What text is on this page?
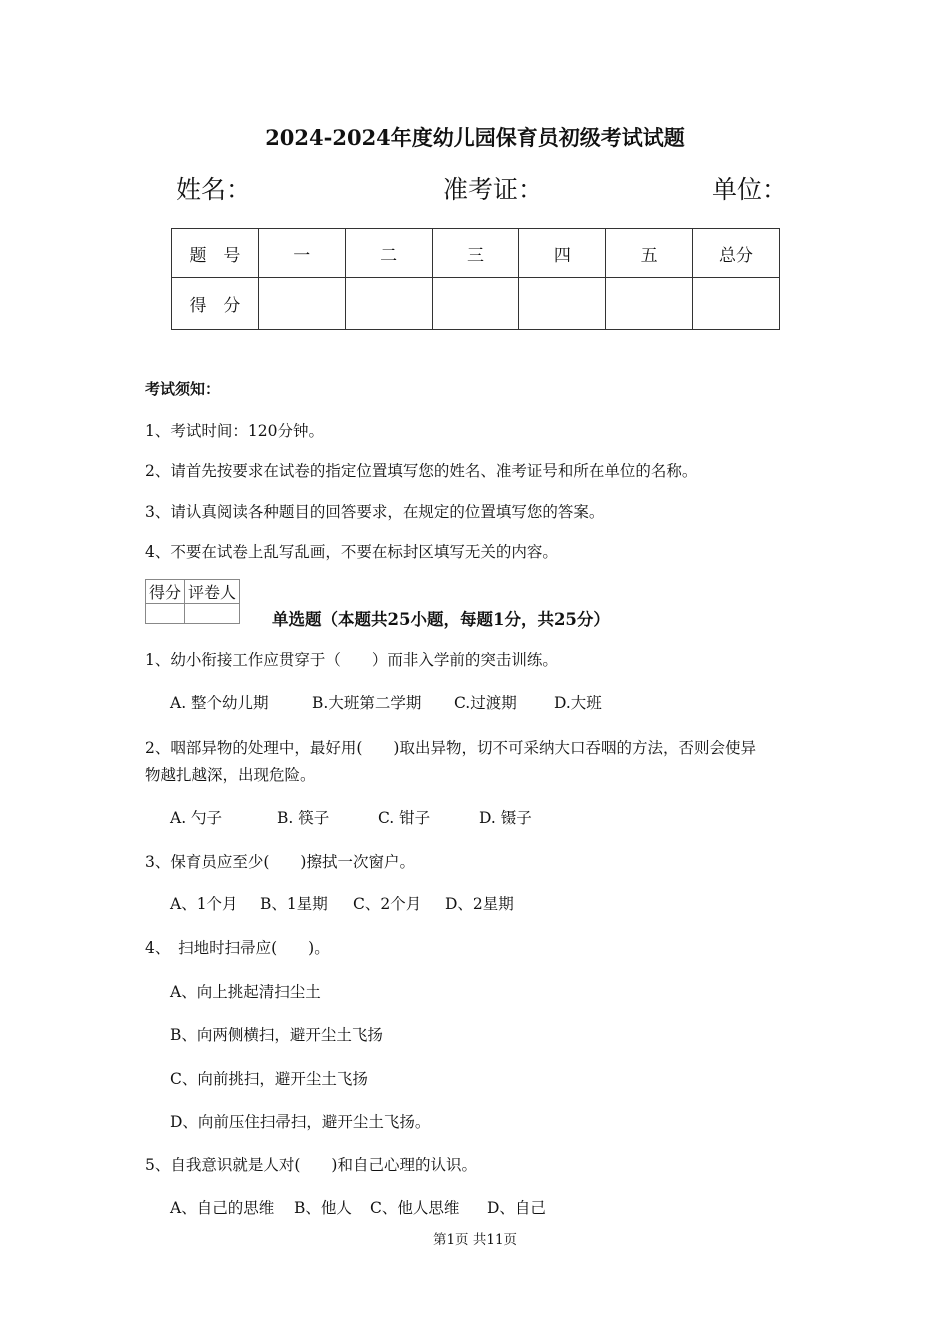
2024-2024年度幼儿园保育员初级考试试题
姓名：	准考证：	单位：
题　号	一	二	三	四	五	总分
得　分						
考试须知：
1、考试时间：120分钟。
2、请首先按要求在试卷的指定位置填写您的姓名、准考证号和所在单位的名称。
3、请认真阅读各种题目的回答要求，在规定的位置填写您的答案。
4、不要在试卷上乱写乱画，不要在标封区填写无关的内容。
得分	评卷人

单选题（本题共25小题，每题1分，共25分）
1、幼小衔接工作应贯穿于（　　）而非入学前的突击训练。
A. 整个幼儿期	B.大班第二学期 C.过渡期 D.大班
2、咽部异物的处理中，最好用(　　)取出异物，切不可采纳大口吞咽的方法，否则会使异
物越扎越深，出现危险。
A. 勺子	B. 筷子	C. 钳子	D. 镊子
3、保育员应至少(　　)擦拭一次窗户。
A、1个月 B、1星期 C、2个月 D、2星期
4、　扫地时扫帚应(　　)。
A、向上挑起清扫尘土
B、向两侧横扫，避开尘土飞扬
C、向前挑扫，避开尘土飞扬
D、向前压住扫帚扫，避开尘土飞扬。
5、自我意识就是人对(　　)和自己心理的认识。
A、自己的思维 B、他人 C、他人思维 D、自己
第1页 共11页
